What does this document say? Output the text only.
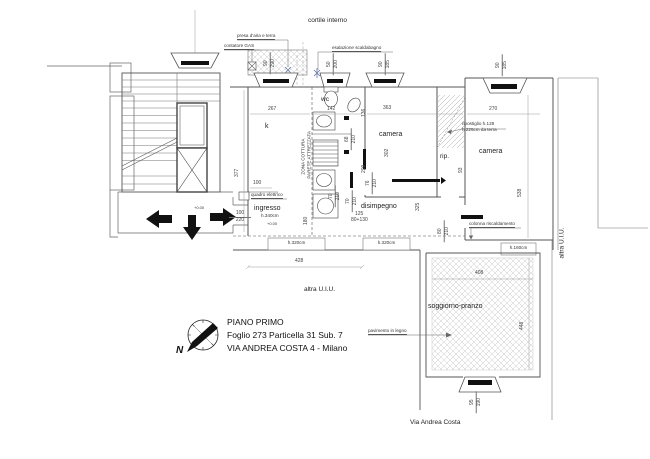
cortile interno
Via Andrea Costa
altra U.I.U.
altra U.I.U.
PIANO PRIMO
Foglio 273 Particella 31 Sub. 7
VIA ANDREA COSTA 4 - Milano
N
k
wc
camera
camera
rip.
disimpegno
ingresso
h.340cm
soggiorno-pranzo
presa d'aria e terra
contatore GAS	esalazione scaldabagno
ZONA COTTURA PARETE ATTREZZATA
quadro elettrico
ripostiglio h.128
h.225cm da terra
colonna riscaldamento
pavimento in legno
h.320cm	h.320cm
h.160cm
+0.00
+0.00
90 290	50 200	90 185	90 185
95 190
100
220
68 210
70 210
70 210
76 210
80 210
267	142	363	270
100
125
80+130
428
408
377
136
302
209	93
325
538
448
180
